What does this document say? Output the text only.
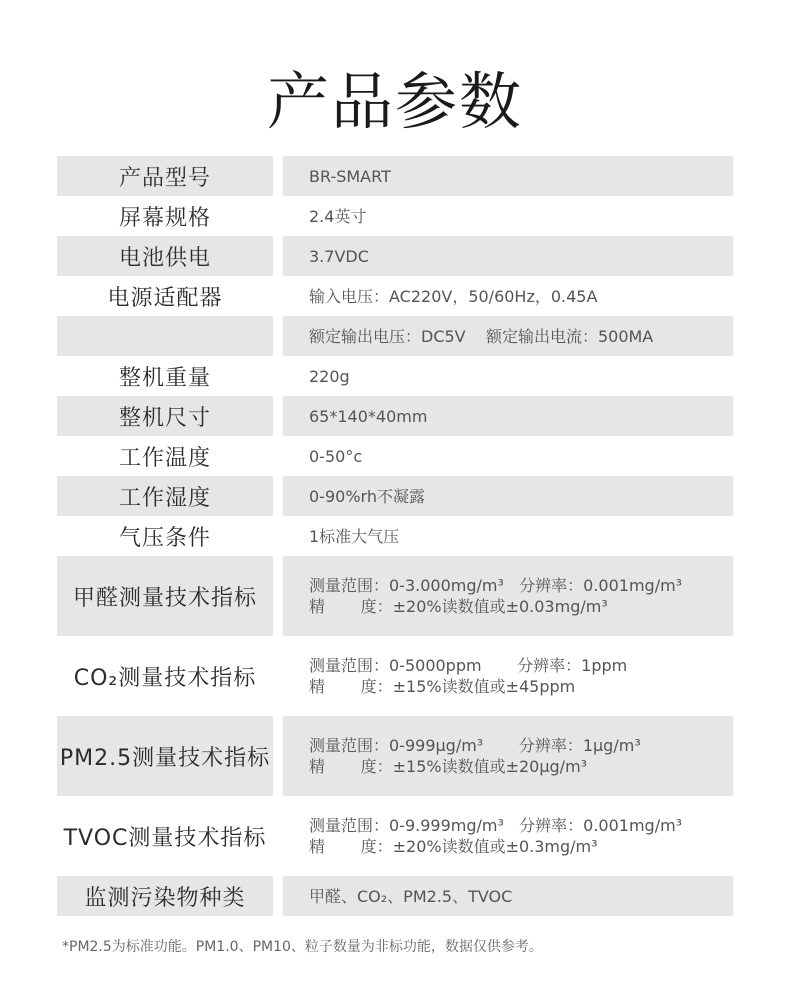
产品参数
产品型号	BR-SMART
屏幕规格	2.4英寸
电池供电	3.7VDC
电源适配器	输入电压：AC220V，50/60Hz，0.45A
额定输出电压：DC5V    额定输出电流：500MA
整机重量	220g
整机尺寸	65*140*40mm
工作温度	0-50°c
工作湿度	0-90%rh不凝露
气压条件	1标准大气压
甲醛测量技术指标	测量范围：0-3.000mg/m³   分辨率：0.001mg/m³
精       度：±20%读数值或±0.03mg/m³
CO₂测量技术指标	测量范围：0-5000ppm       分辨率：1ppm
精       度：±15%读数值或±45ppm
PM2.5测量技术指标 测量范围：0-999μg/m³       分辨率：1μg/m³
精       度：±15%读数值或±20μg/m³
TVOC测量技术指标	测量范围：0-9.999mg/m³   分辨率：0.001mg/m³
精       度：±20%读数值或±0.3mg/m³
监测污染物种类	甲醛、CO₂、PM2.5、TVOC
*PM2.5为标准功能。PM1.0、PM10、粒子数量为非标功能，数据仅供参考。
